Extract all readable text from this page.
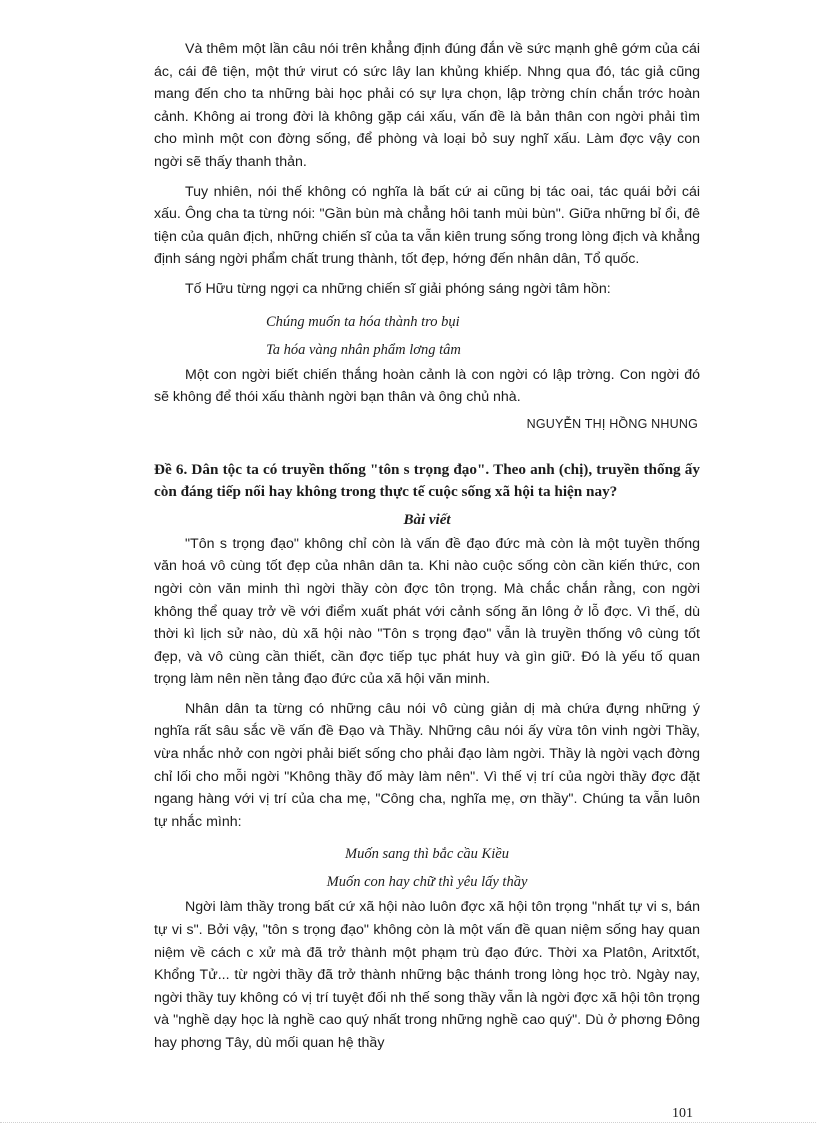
Và thêm một lần câu nói trên khẳng định đúng đắn về sức mạnh ghê gớm của cái ác, cái đê tiện, một thứ virut có sức lây lan khủng khiếp. Nhng qua đó, tác giả cũng mang đến cho ta những bài học phải có sự lựa chọn, lập trờng chín chắn trớc hoàn cảnh. Không ai trong đời là không gặp cái xấu, vấn đề là bản thân con ngời phải tìm cho mình một con đờng sống, để phòng và loại bỏ suy nghĩ xấu. Làm đợc vậy con ngời sẽ thấy thanh thản.

Tuy nhiên, nói thế không có nghĩa là bất cứ ai cũng bị tác oai, tác quái bởi cái xấu. Ông cha ta từng nói: "Gần bùn mà chẳng hôi tanh mùi bùn". Giữa những bỉ ổi, đê tiện của quân địch, những chiến sĩ của ta vẫn kiên trung sống trong lòng địch và khẳng định sáng ngời phẩm chất trung thành, tốt đẹp, hớng đến nhân dân, Tổ quốc.

Tố Hữu từng ngợi ca những chiến sĩ giải phóng sáng ngời tâm hồn:

Chúng muốn ta hóa thành tro bụi
Ta hóa vàng nhân phẩm lơng tâm

Một con ngời biết chiến thắng hoàn cảnh là con ngời có lập trờng. Con ngời đó sẽ không để thói xấu thành ngời bạn thân và ông chủ nhà.

NGUYỄN THỊ HỒNG NHUNG
Đề 6. Dân tộc ta có truyền thống "tôn s trọng đạo". Theo anh (chị), truyền thống ấy còn đáng tiếp nối hay không trong thực tế cuộc sống xã hội ta hiện nay?
Bài viết

"Tôn s trọng đạo" không chỉ còn là vấn đề đạo đức mà còn là một tuyền thống văn hoá vô cùng tốt đẹp của nhân dân ta. Khi nào cuộc sống còn cần kiến thức, con ngời còn văn minh thì ngời thầy còn đợc tôn trọng. Mà chắc chắn rằng, con ngời không thể quay trở về với điểm xuất phát với cảnh sống ăn lông ở lỗ đợc. Vì thế, dù thời kì lịch sử nào, dù xã hội nào "Tôn s trọng đạo" vẫn là truyền thống vô cùng tốt đẹp, và vô cùng cần thiết, cần đợc tiếp tục phát huy và gìn giữ. Đó là yếu tố quan trọng làm nên nền tảng đạo đức của xã hội văn minh.

Nhân dân ta từng có những câu nói vô cùng giản dị mà chứa đựng những ý nghĩa rất sâu sắc về vấn đề Đạo và Thầy. Những câu nói ấy vừa tôn vinh ngời Thầy, vừa nhắc nhở con ngời phải biết sống cho phải đạo làm ngời. Thầy là ngời vạch đờng chỉ lối cho mỗi ngời "Không thầy đố mày làm nên". Vì thế vị trí của ngời thầy đợc đặt ngang hàng với vị trí của cha mẹ, "Công cha, nghĩa mẹ, ơn thầy". Chúng ta vẫn luôn tự nhắc mình:

Muốn sang thì bắc cầu Kiều
Muốn con hay chữ thì yêu lấy thầy

Ngời làm thầy trong bất cứ xã hội nào luôn đợc xã hội tôn trọng "nhất tự vi s, bán tự vi s". Bởi vậy, "tôn s trọng đạo" không còn là một vấn đề quan niệm sống hay quan niệm về cách c xử mà đã trở thành một phạm trù đạo đức. Thời xa Platôn, Aritxtốt, Khổng Tử... từ ngời thầy đã trở thành những bậc thánh trong lòng học trò. Ngày nay, ngời thầy tuy không có vị trí tuyệt đối nh thế song thầy vẫn là ngời đợc xã hội tôn trọng và "nghề dạy học là nghề cao quý nhất trong những nghề cao quý". Dù ở phơng Đông hay phơng Tây, dù mối quan hệ thầy

101
